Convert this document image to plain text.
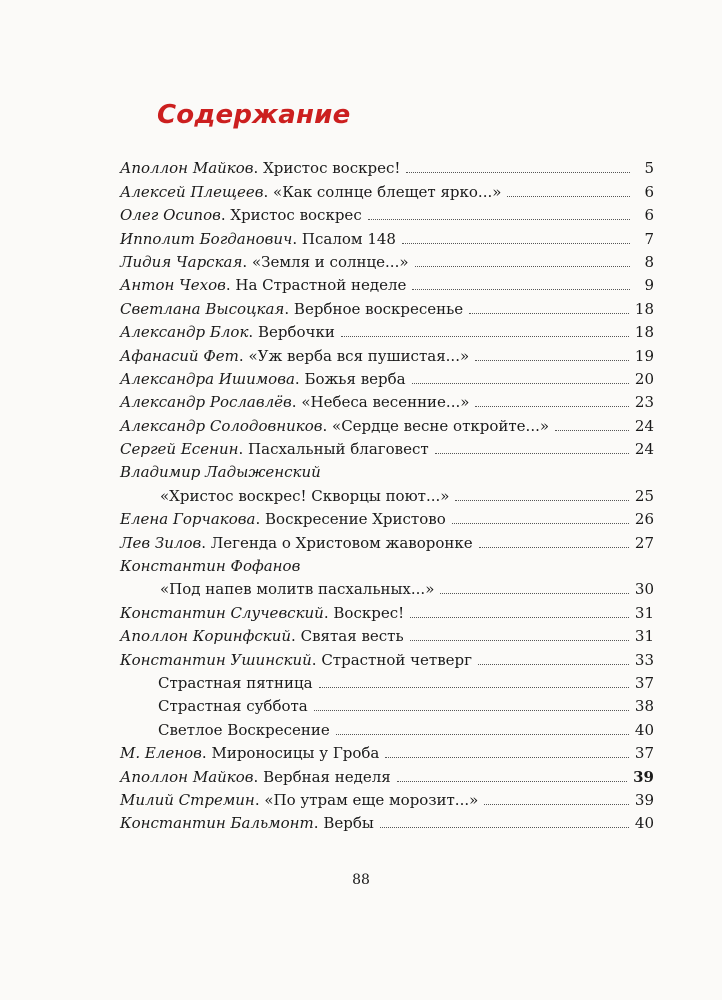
Содержание
Аполлон Майков. Христос воскрес!	5
Алексей Плещеев. «Как солнце блещет ярко...»	6
Олег Осипов. Христос воскрес	6
Ипполит Богданович. Псалом 148	7
Лидия Чарская. «Земля и солнце...»	8
Антон Чехов. На Страстной неделе	9
Светлана Высоцкая. Вербное воскресенье	18
Александр Блок. Вербочки	18
Афанасий Фет. «Уж верба вся пушистая...»	19
Александра Ишимова. Божья верба	20
Александр Рославлёв. «Небеса весенние...»	23
Александр Солодовников. «Сердце весне откройте...»	24
Сергей Есенин. Пасхальный благовест	24
Владимир Ладыженский
«Христос воскрес! Скворцы поют...»	25
Елена Горчакова. Воскресение Христово	26
Лев Зилов. Легенда о Христовом жаворонке	27
Константин Фофанов
«Под напев молитв пасхальных...»	30
Константин Случевский. Воскрес!	31
Аполлон Коринфский. Святая весть	31
Константин Ушинский. Страстной четверг	33
Страстная пятница	37
Страстная суббота	38
Светлое Воскресение	40
М. Еленов. Мироносицы у Гроба	37
Аполлон Майков. Вербная неделя	39
Милий Стремин. «По утрам еще морозит...»	39
Константин Бальмонт. Вербы	40
88
